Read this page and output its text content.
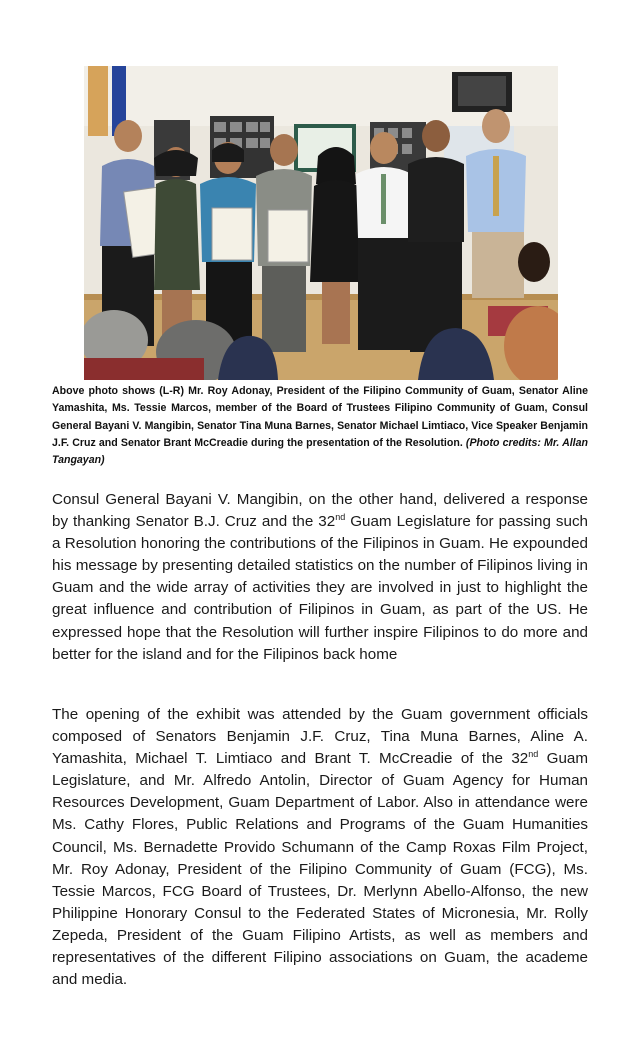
Above photo shows (L-R) Mr. Roy Adonay, President of the Filipino Community of Guam, Senator Aline Yamashita, Ms. Tessie Marcos, member of the Board of Trustees Filipino Community of Guam, Consul General Bayani V. Mangibin, Senator Tina Muna Barnes, Senator Michael Limtiaco, Vice Speaker Benjamin J.F. Cruz and Senator Brant McCreadie during the presentation of the Resolution. (Photo credits: Mr. Allan Tangayan)

Consul General Bayani V. Mangibin, on the other hand, delivered a response by thanking Senator B.J. Cruz and the 32nd Guam Legislature for passing such a Resolution honoring the contributions of the Filipinos in Guam. He expounded his message by presenting detailed statistics on the number of Filipinos living in Guam and the wide array of activities they are involved in just to highlight the great influence and contribution of Filipinos in Guam, as part of the US. He expressed hope that the Resolution will further inspire Filipinos to do more and better for the island and for the Filipinos back home

The opening of the exhibit was attended by the Guam government officials composed of Senators Benjamin J.F. Cruz, Tina Muna Barnes, Aline A. Yamashita, Michael T. Limtiaco and Brant T. McCreadie of the 32nd Guam Legislature, and Mr. Alfredo Antolin, Director of Guam Agency for Human Resources Development, Guam Department of Labor. Also in attendance were Ms. Cathy Flores, Public Relations and Programs of the Guam Humanities Council, Ms. Bernadette Provido Schumann of the Camp Roxas Film Project, Mr. Roy Adonay, President of the Filipino Community of Guam (FCG), Ms. Tessie Marcos, FCG Board of Trustees, Dr. Merlynn Abello-Alfonso, the new Philippine Honorary Consul to the Federated States of Micronesia, Mr. Rolly Zepeda, President of the Guam Filipino Artists, as well as members and representatives of the different Filipino associations on Guam, the academe and media.
